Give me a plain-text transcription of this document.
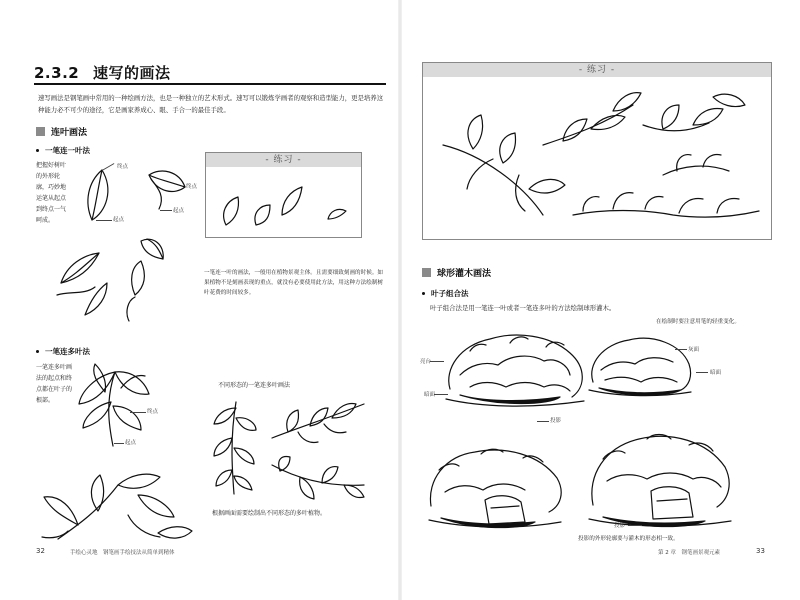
2.3.2 速写的画法
速写画法是钢笔画中常用的一种绘画方法，也是一种独立的艺术形式。速写可以锻炼学画者的观察和造型能力，更是培养这种能力必不可少的途径，它是画家养成心、眼、手合一的最佳手段。
连叶画法
一笔连一叶法
把握好树叶的外形轮廓，巧妙地运笔从起点到终点一气呵成。
终点
起点
终点
起点
- 练习 -
一笔连一叶的画法，一般用在植物景观主体。且需要细致刻画的时候。如果植物不是刻画表现的重点，就没有必要使用此方法，用这种方法绘制树叶花费的时间较多。
一笔连多叶法
一笔连多叶画法的起点和终点都在叶子的根部。
终点
起点
不同形态的一笔连多叶画法
根据画面需要绘制出不同形态的多叶植物。
32	手绘心灵地　钢笔画手绘技法从简单到精体
- 练习 -
球形灌木画法
叶子组合法
叶子组合法是用一笔连一叶或者一笔连多叶的方法绘制球形灌木。
在绘制时要注意用笔的轻重变化。
亮台
暗面
投影
灰面
暗面
投影
投影的外形轮廓要与灌木的形态相一致。
第 2 章　钢笔画景观元素	33
